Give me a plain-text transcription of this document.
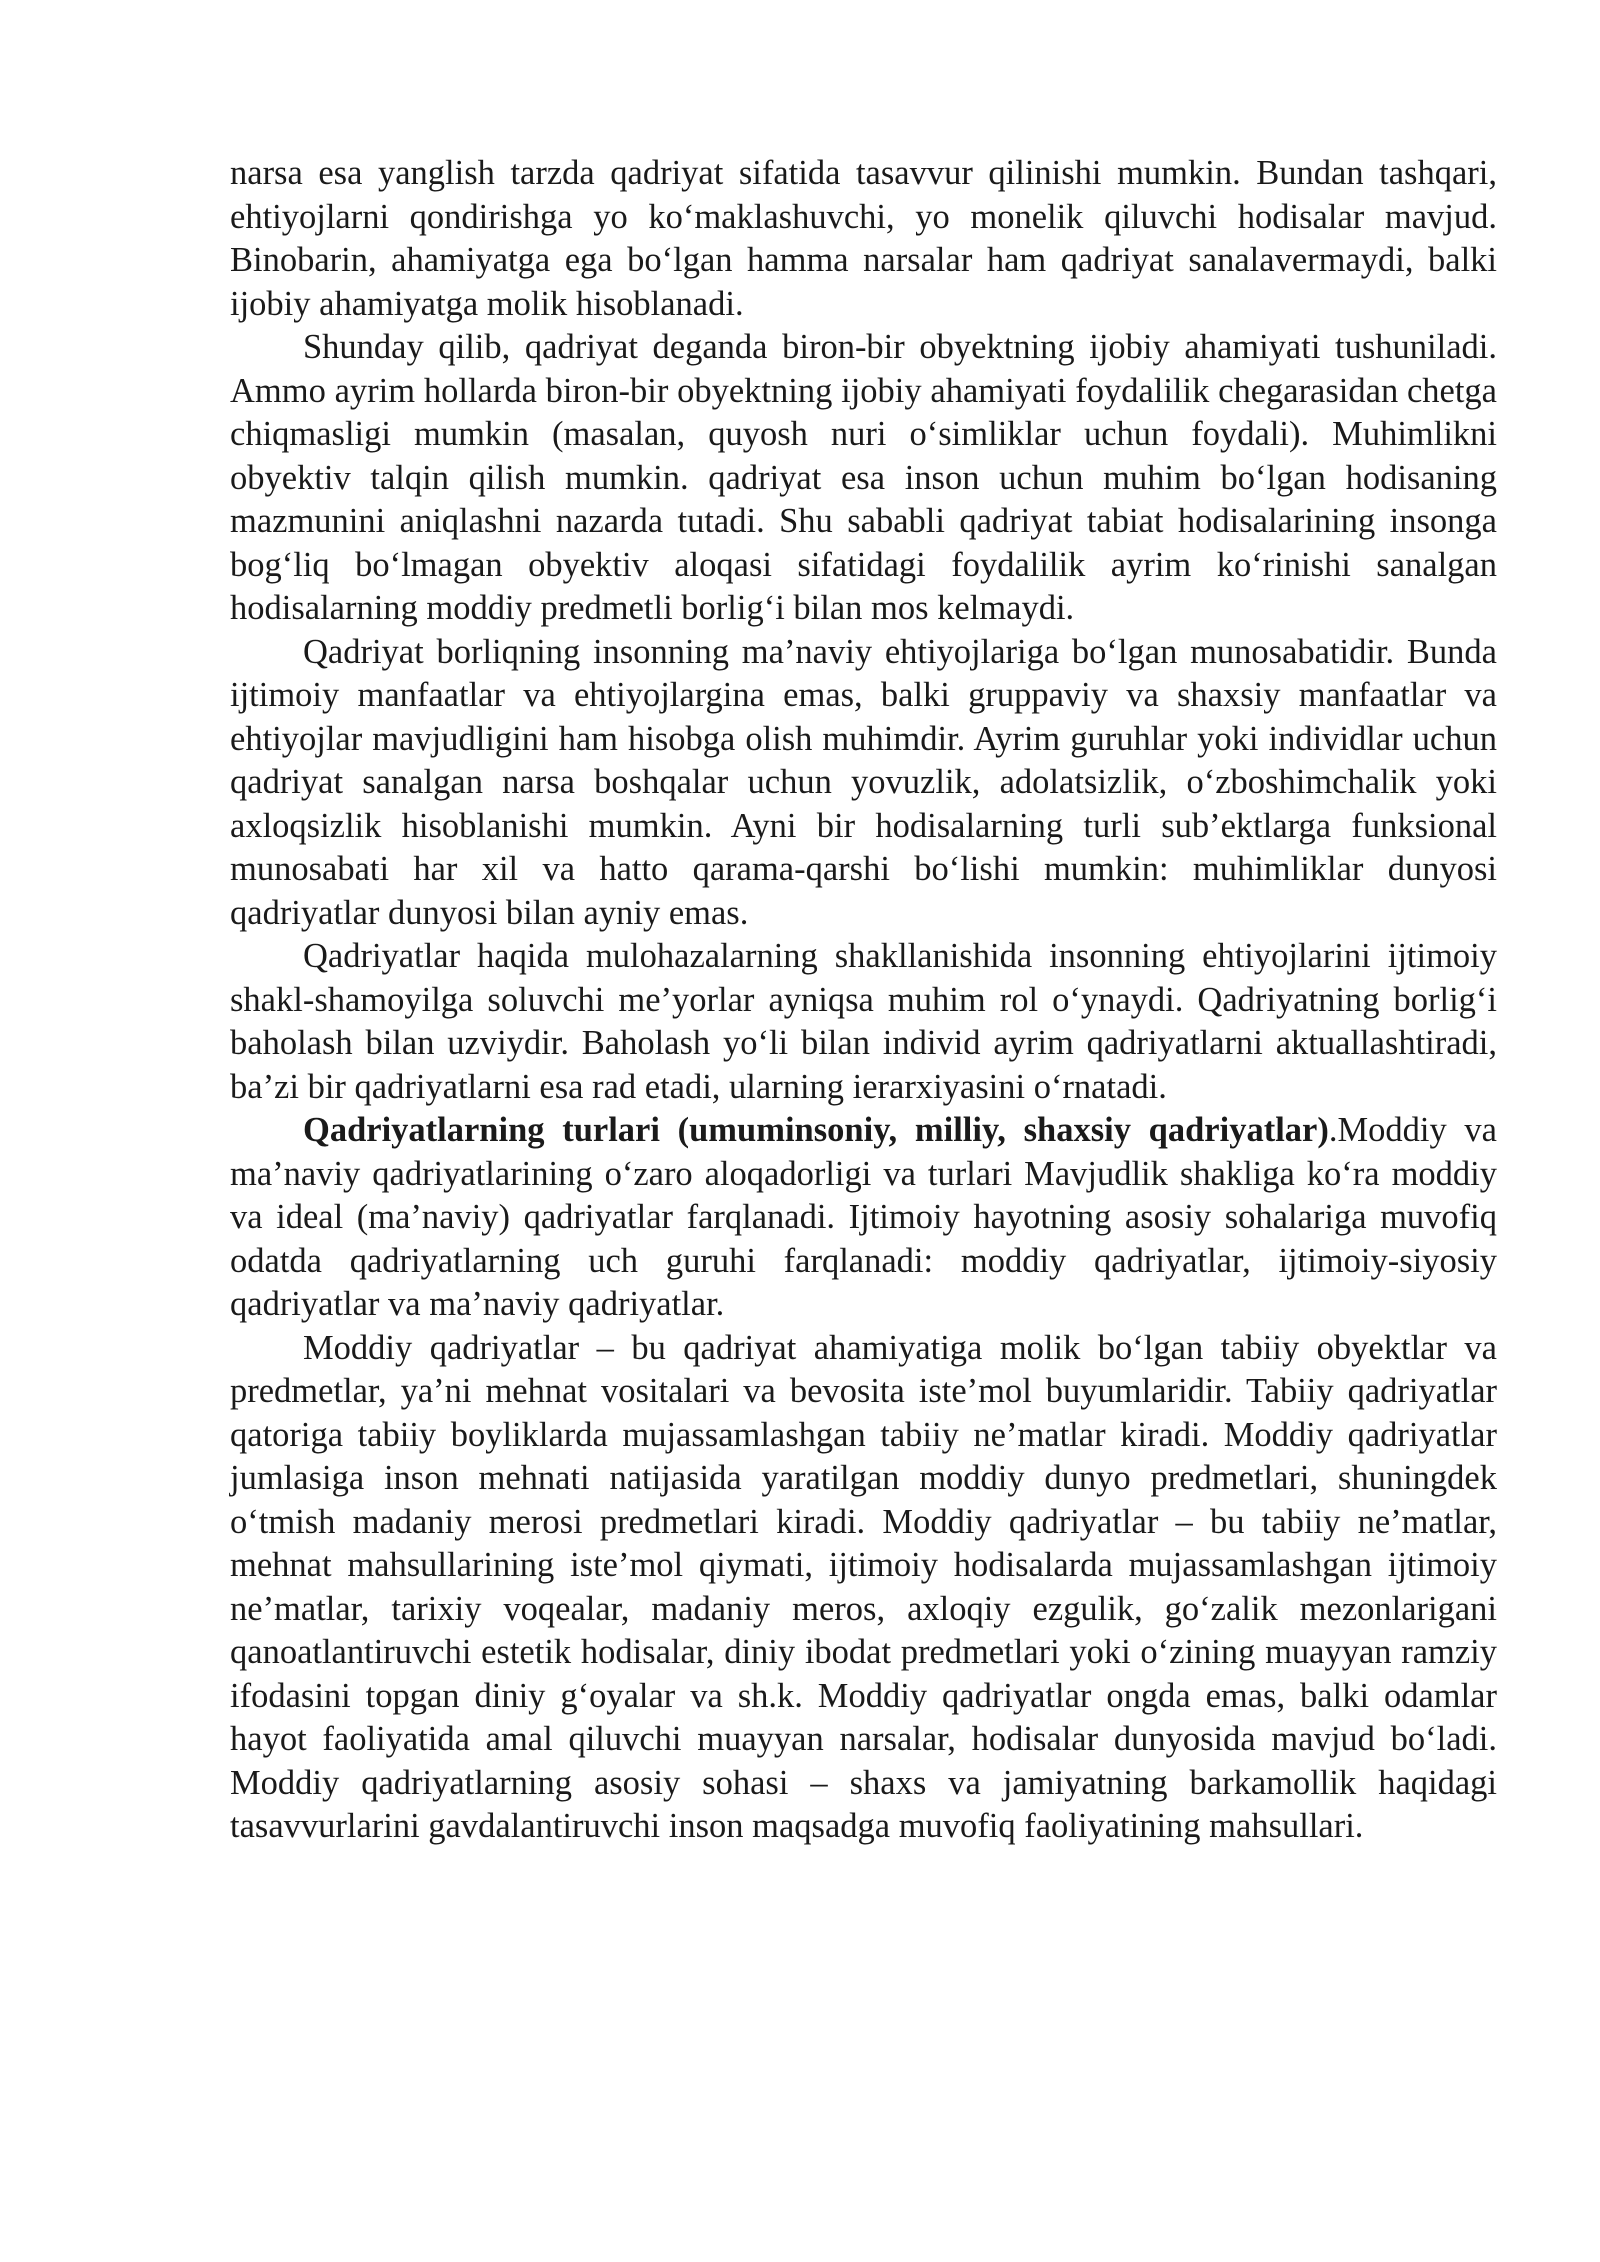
narsa esa yanglish tarzda qadriyat sifatida tasavvur qilinishi mumkin. Bundan tashqari, ehtiyojlarni qondirishga yo ko‘maklashuvchi, yo monelik qiluvchi hodisalar mavjud. Binobarin, ahamiyatga ega bo‘lgan hamma narsalar ham qadriyat sanalavermaydi, balki ijobiy ahamiyatga molik hisoblanadi.

Shunday qilib, qadriyat deganda biron-bir obyektning ijobiy ahamiyati tushuniladi. Ammo ayrim hollarda biron-bir obyektning ijobiy ahamiyati foydalilik chegarasidan chetga chiqmasligi mumkin (masalan, quyosh nuri o‘simliklar uchun foydali). Muhimlikni obyektiv talqin qilish mumkin. qadriyat esa inson uchun muhim bo‘lgan hodisaning mazmunini aniqlashni nazarda tutadi. Shu sababli qadriyat tabiat hodisalarining insonga bog‘liq bo‘lmagan obyektiv aloqasi sifatidagi foydalilik ayrim ko‘rinishi sanalgan hodisalarning moddiy predmetli borlig‘i bilan mos kelmaydi.

Qadriyat borliqning insonning ma’naviy ehtiyojlariga bo‘lgan munosabatidir. Bunda ijtimoiy manfaatlar va ehtiyojlargina emas, balki gruppaviy va shaxsiy manfaatlar va ehtiyojlar mavjudligini ham hisobga olish muhimdir. Ayrim guruhlar yoki individlar uchun qadriyat sanalgan narsa boshqalar uchun yovuzlik, adolatsizlik, o‘zboshimchalik yoki axloqsizlik hisoblanishi mumkin. Ayni bir hodisalarning turli sub’ektlarga funksional munosabati har xil va hatto qarama-qarshi bo‘lishi mumkin: muhimliklar dunyosi qadriyatlar dunyosi bilan ayniy emas.

Qadriyatlar haqida mulohazalarning shakllanishida insonning ehtiyojlarini ijtimoiy shakl-shamoyilga soluvchi me’yorlar ayniqsa muhim rol o‘ynaydi. Qadriyatning borlig‘i baholash bilan uzviydir. Baholash yo‘li bilan individ ayrim qadriyatlarni aktuallashtiradi, ba’zi bir qadriyatlarni esa rad etadi, ularning ierarxiyasini o‘rnatadi.

Qadriyatlarning turlari (umuminsoniy, milliy, shaxsiy qadriyatlar).Moddiy va ma’naviy qadriyatlarining o‘zaro aloqadorligi va turlari Mavjudlik shakliga ko‘ra moddiy va ideal (ma’naviy) qadriyatlar farqlanadi. Ijtimoiy hayotning asosiy sohalariga muvofiq odatda qadriyatlarning uch guruhi farqlanadi: moddiy qadriyatlar, ijtimoiy-siyosiy qadriyatlar va ma’naviy qadriyatlar.

Moddiy qadriyatlar – bu qadriyat ahamiyatiga molik bo‘lgan tabiiy obyektlar va predmetlar, ya’ni mehnat vositalari va bevosita iste’mol buyumlaridir. Tabiiy qadriyatlar qatoriga tabiiy boyliklarda mujassamlashgan tabiiy ne’matlar kiradi. Moddiy qadriyatlar jumlasiga inson mehnati natijasida yaratilgan moddiy dunyo predmetlari, shuningdek o‘tmish madaniy merosi predmetlari kiradi. Moddiy qadriyatlar – bu tabiiy ne’matlar, mehnat mahsullarining iste’mol qiymati, ijtimoiy hodisalarda mujassamlashgan ijtimoiy ne’matlar, tarixiy voqealar, madaniy meros, axloqiy ezgulik, go‘zalik mezonlarigani qanoatlantiruvchi estetik hodisalar, diniy ibodat predmetlari yoki o‘zining muayyan ramziy ifodasini topgan diniy g‘oyalar va sh.k. Moddiy qadriyatlar ongda emas, balki odamlar hayot faoliyatida amal qiluvchi muayyan narsalar, hodisalar dunyosida mavjud bo‘ladi. Moddiy qadriyatlarning asosiy sohasi – shaxs va jamiyatning barkamollik haqidagi tasavvurlarini gavdalantiruvchi inson maqsadga muvofiq faoliyatining mahsullari.
